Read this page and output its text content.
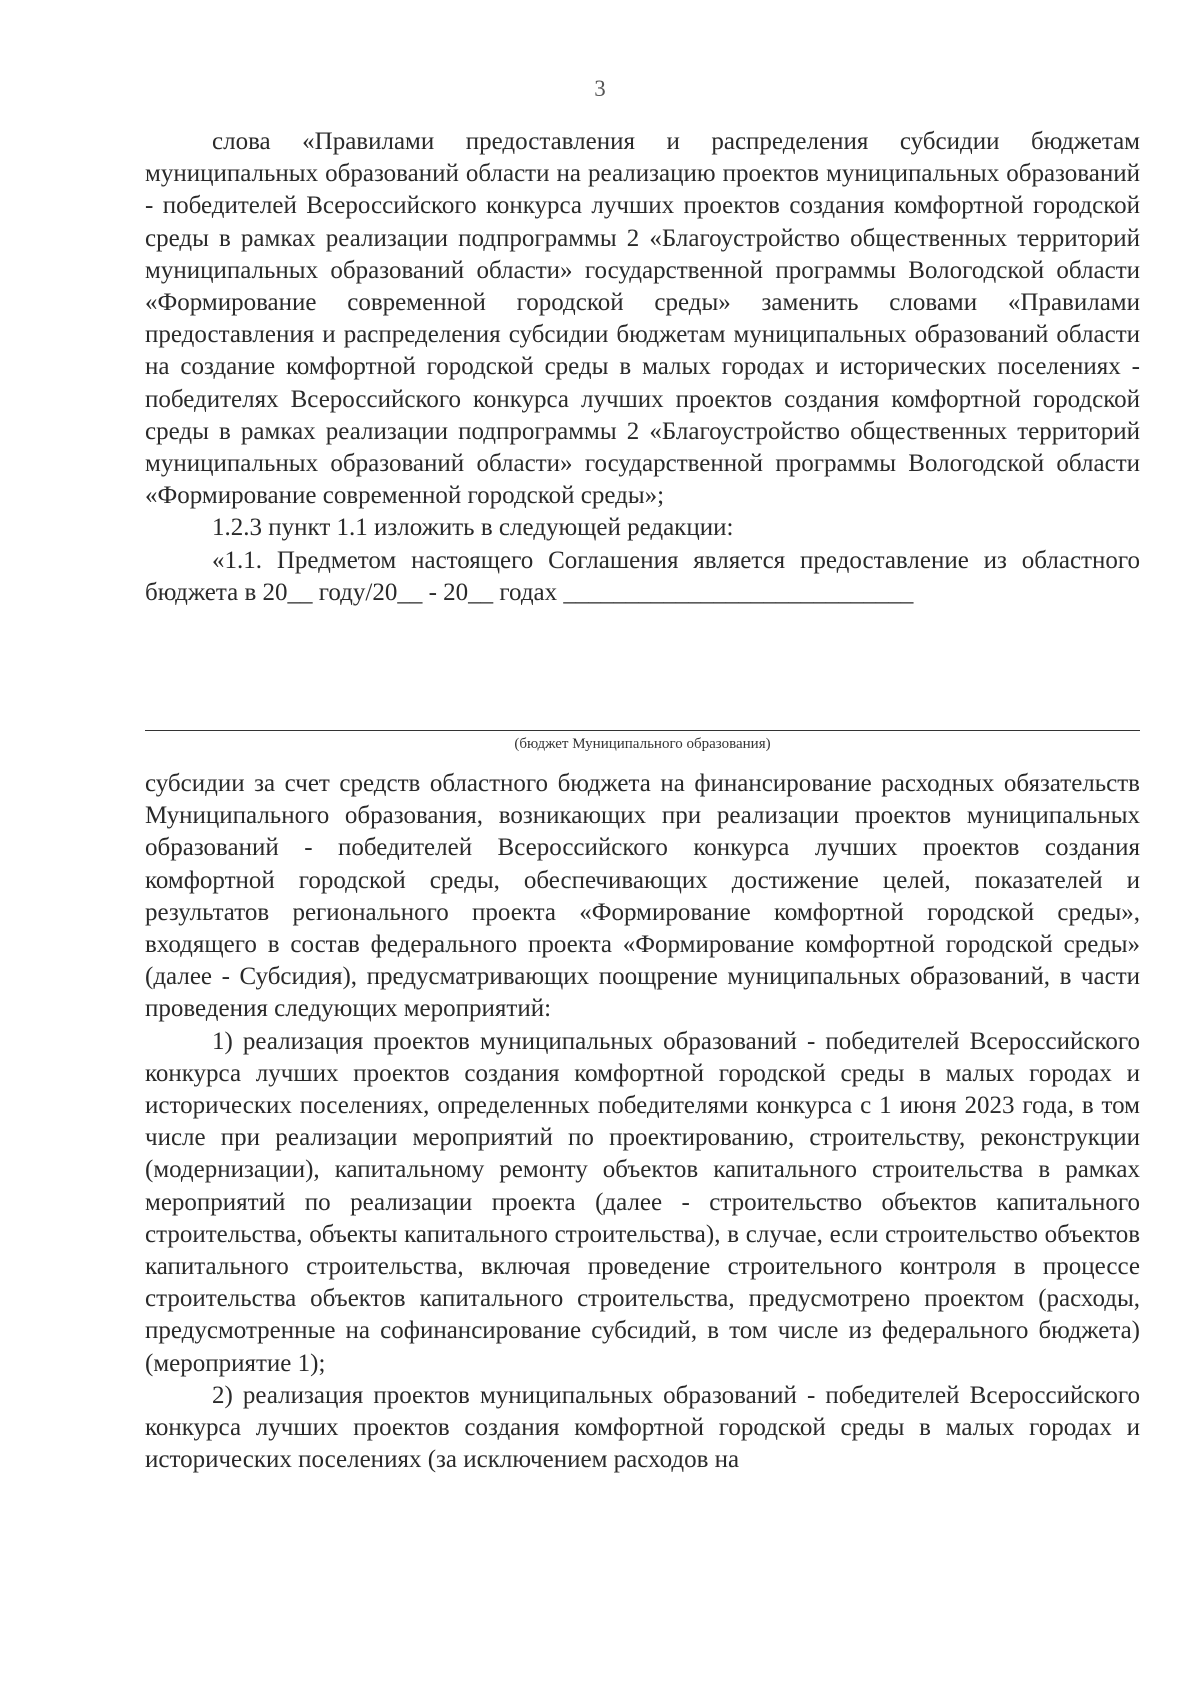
3

слова «Правилами предоставления и распределения субсидии бюджетам муниципальных образований области на реализацию проектов муниципальных образований - победителей Всероссийского конкурса лучших проектов создания комфортной городской среды в рамках реализации подпрограммы 2 «Благоустройство общественных территорий муниципальных образований области» государственной программы Вологодской области «Формирование современной городской среды» заменить словами «Правилами предоставления и распределения субсидии бюджетам муниципальных образований области на создание комфортной городской среды в малых городах и исторических поселениях - победителях Всероссийского конкурса лучших проектов создания комфортной городской среды в рамках реализации подпрограммы 2 «Благоустройство общественных территорий муниципальных образований области» государственной программы Вологодской области «Формирование современной городской среды»;

1.2.3 пункт 1.1 изложить в следующей редакции:

«1.1. Предметом настоящего Соглашения является предоставление из областного бюджета в 20__ году/20__ - 20__ годах ____________________________

(бюджет Муниципального образования)

субсидии за счет средств областного бюджета на финансирование расходных обязательств Муниципального образования, возникающих при реализации проектов муниципальных образований - победителей Всероссийского конкурса лучших проектов создания комфортной городской среды, обеспечивающих достижение целей, показателей и результатов регионального проекта «Формирование комфортной городской среды», входящего в состав федерального проекта «Формирование комфортной городской среды» (далее - Субсидия), предусматривающих поощрение муниципальных образований, в части проведения следующих мероприятий:

1) реализация проектов муниципальных образований - победителей Всероссийского конкурса лучших проектов создания комфортной городской среды в малых городах и исторических поселениях, определенных победителями конкурса с 1 июня 2023 года, в том числе при реализации мероприятий по проектированию, строительству, реконструкции (модернизации), капитальному ремонту объектов капитального строительства в рамках мероприятий по реализации проекта (далее - строительство объектов капитального строительства, объекты капитального строительства), в случае, если строительство объектов капитального строительства, включая проведение строительного контроля в процессе строительства объектов капитального строительства, предусмотрено проектом (расходы, предусмотренные на софинансирование субсидий, в том числе из федерального бюджета) (мероприятие 1);

2) реализация проектов муниципальных образований - победителей Всероссийского конкурса лучших проектов создания комфортной городской среды в малых городах и исторических поселениях (за исключением расходов на
